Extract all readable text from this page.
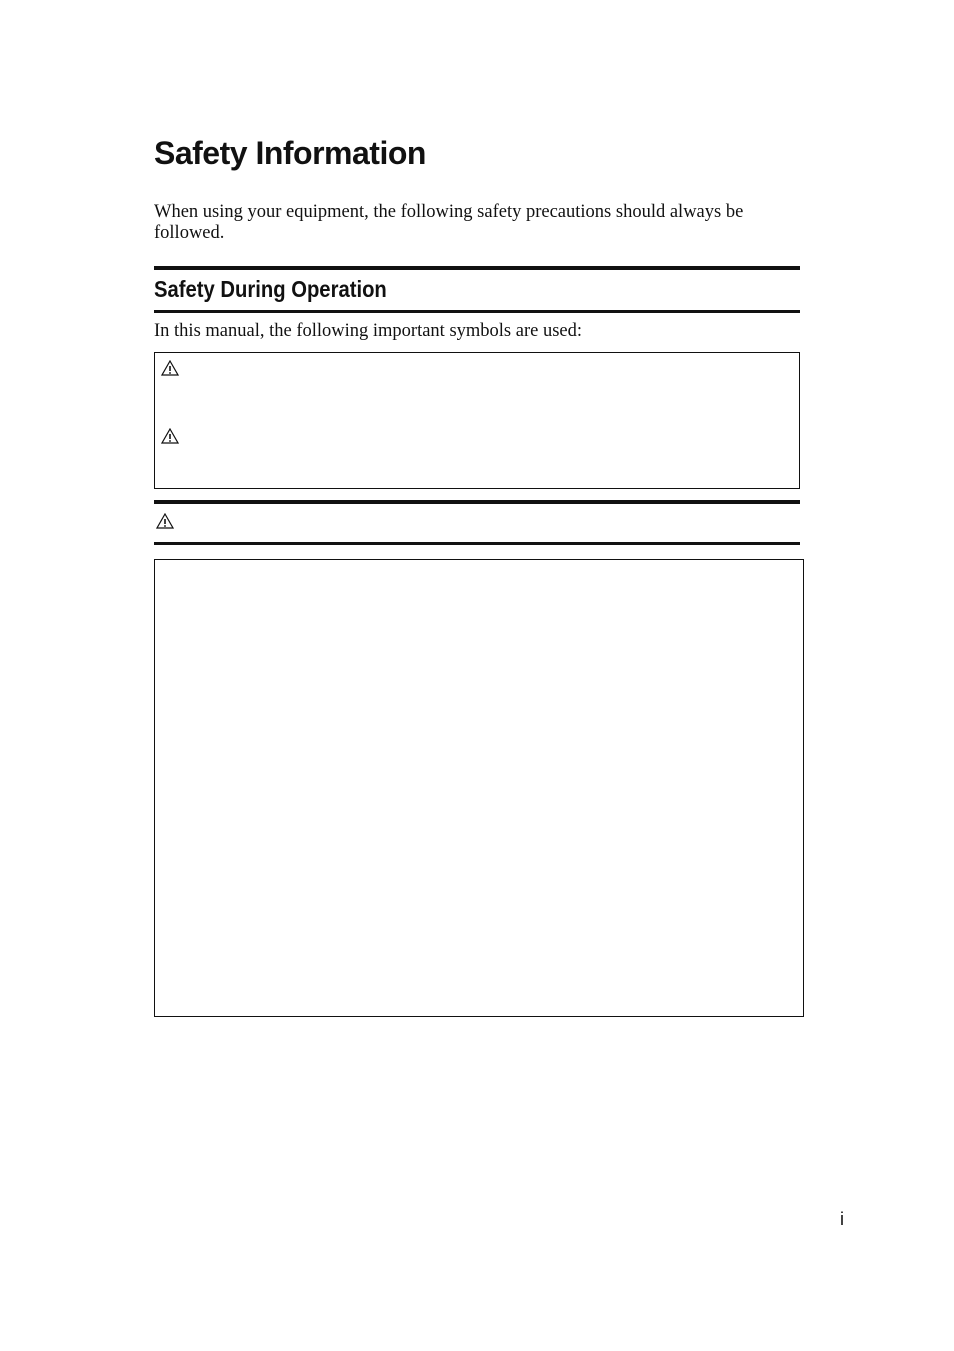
Safety Information

When using your equipment, the following safety precautions should always be followed.

Safety During Operation

In this manual, the following important symbols are used:

i
